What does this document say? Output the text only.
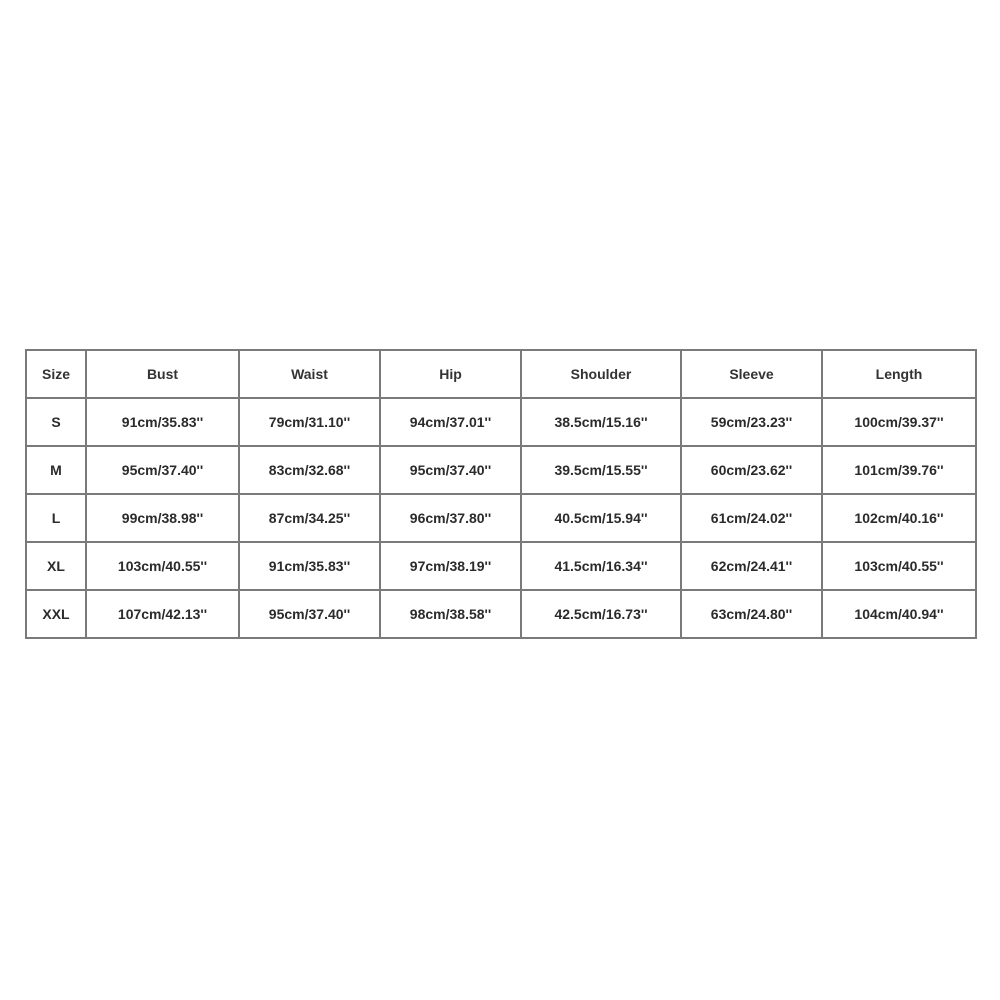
Size	Bust	Waist	Hip	Shoulder	Sleeve	Length
S	91cm/35.83''	79cm/31.10''	94cm/37.01''	38.5cm/15.16''	59cm/23.23''	100cm/39.37''
M	95cm/37.40''	83cm/32.68''	95cm/37.40''	39.5cm/15.55''	60cm/23.62''	101cm/39.76''
L	99cm/38.98''	87cm/34.25''	96cm/37.80''	40.5cm/15.94''	61cm/24.02''	102cm/40.16''
XL	103cm/40.55''	91cm/35.83''	97cm/38.19''	41.5cm/16.34''	62cm/24.41''	103cm/40.55''
XXL	107cm/42.13''	95cm/37.40''	98cm/38.58''	42.5cm/16.73''	63cm/24.80''	104cm/40.94''
